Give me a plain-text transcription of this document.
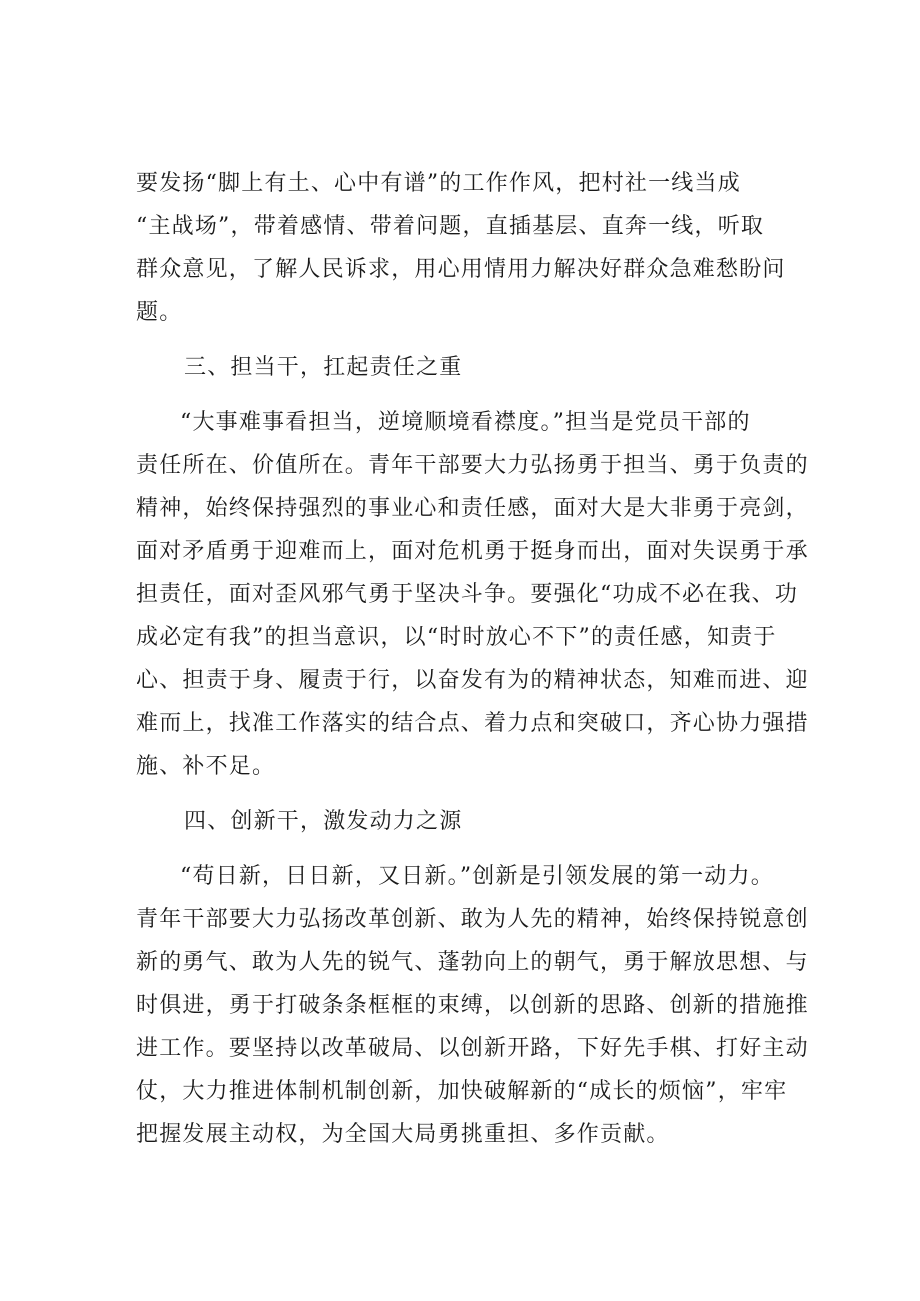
要发扬“脚上有土、心中有谱”的工作作风，把村社一线当成
“主战场”，带着感情、带着问题，直插基层、直奔一线，听取
群众意见，了解人民诉求，用心用情用力解决好群众急难愁盼问
题。
三、担当干，扛起责任之重
“大事难事看担当，逆境顺境看襟度。”担当是党员干部的
责任所在、价值所在。青年干部要大力弘扬勇于担当、勇于负责的
精神，始终保持强烈的事业心和责任感，面对大是大非勇于亮剑，
面对矛盾勇于迎难而上，面对危机勇于挺身而出，面对失误勇于承
担责任，面对歪风邪气勇于坚决斗争。要强化“功成不必在我、功
成必定有我”的担当意识，以“时时放心不下”的责任感，知责于
心、担责于身、履责于行，以奋发有为的精神状态，知难而进、迎
难而上，找准工作落实的结合点、着力点和突破口，齐心协力强措
施、补不足。
四、创新干，激发动力之源
“苟日新，日日新，又日新。”创新是引领发展的第一动力。
青年干部要大力弘扬改革创新、敢为人先的精神，始终保持锐意创
新的勇气、敢为人先的锐气、蓬勃向上的朝气，勇于解放思想、与
时俱进，勇于打破条条框框的束缚，以创新的思路、创新的措施推
进工作。要坚持以改革破局、以创新开路，下好先手棋、打好主动
仗，大力推进体制机制创新，加快破解新的“成长的烦恼”，牢牢
把握发展主动权，为全国大局勇挑重担、多作贡献。
